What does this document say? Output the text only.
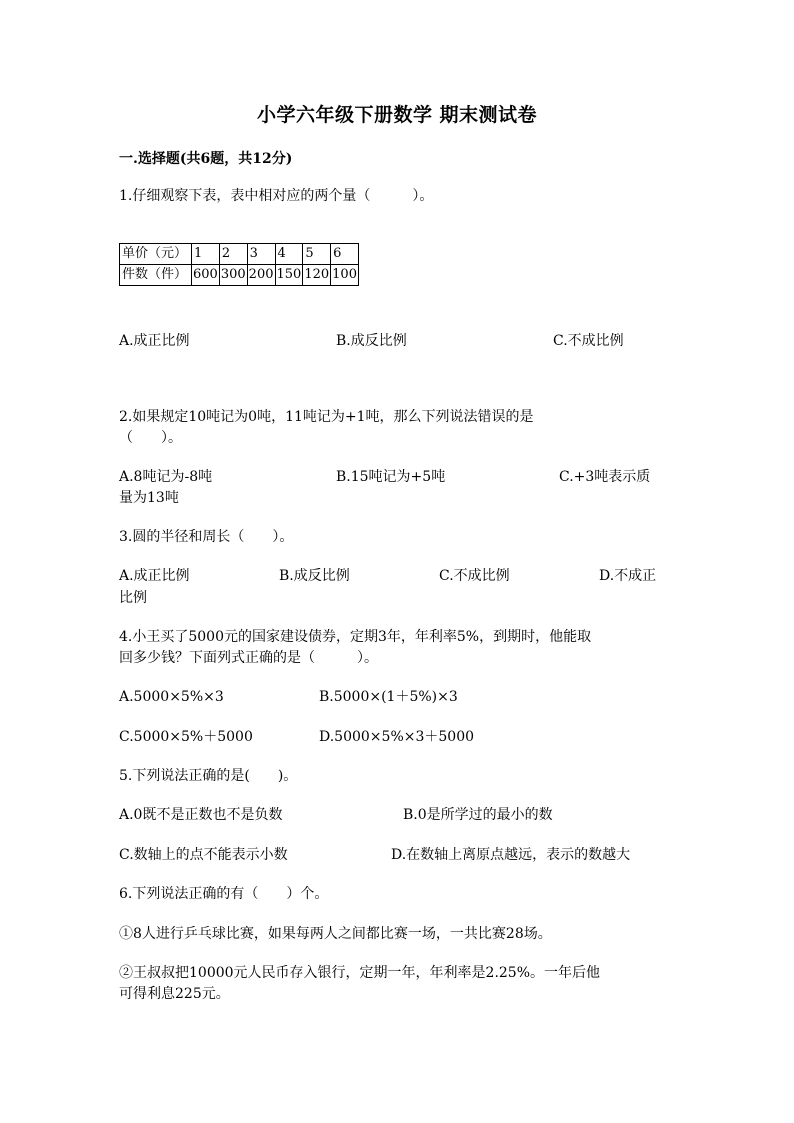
小学六年级下册数学 期末测试卷
一.选择题(共6题，共12分)
1.仔细观察下表，表中相对应的两个量（　　　）。
单价（元）	1	2	3	4	5	6
件数（件）	600	300	200	150	120	100
A.成正比例	B.成反比例	C.不成比例
2.如果规定10吨记为0吨，11吨记为+1吨，那么下列说法错误的是
（　　）。
A.8吨记为-8吨	B.15吨记为+5吨	C.+3吨表示质
量为13吨
3.圆的半径和周长（　　）。
A.成正比例	B.成反比例	C.不成比例	D.不成正
比例
4.小王买了5000元的国家建设债券，定期3年，年利率5%，到期时，他能取
回多少钱？下面列式正确的是（　　　）。
A.5000×5%×3	B.5000×(1＋5%)×3
C.5000×5%＋5000	D.5000×5%×3＋5000
5.下列说法正确的是(　　)。
A.0既不是正数也不是负数	B.0是所学过的最小的数
C.数轴上的点不能表示小数	D.在数轴上离原点越远，表示的数越大
6.下列说法正确的有（　　）个。
①8人进行乒乓球比赛，如果每两人之间都比赛一场，一共比赛28场。
②王叔叔把10000元人民币存入银行，定期一年，年利率是2.25%。一年后他
可得利息225元。
